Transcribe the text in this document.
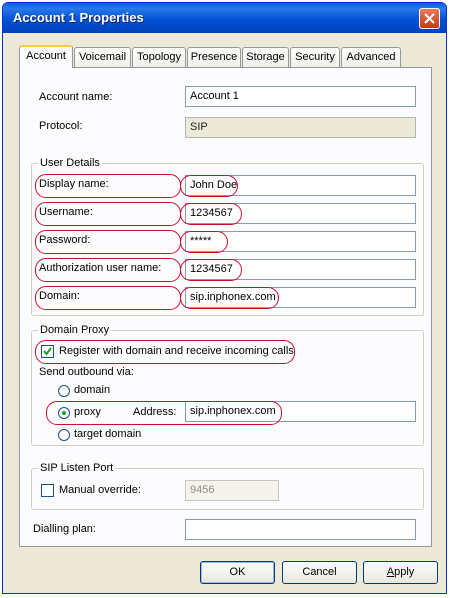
Account 1 Properties
Account	Voicemail Topology Presence Storage Security	Advanced
Account name:	Account 1
Protocol:	SIP
User Details
Display name:	John Doe
Username:	1234567
Password:	*****
Authorization user name:	1234567
Domain:	sip.inphonex.com
Domain Proxy
Register with domain and receive incoming calls
Send outbound via:
domain
proxy	Address:	sip.inphonex.com
target domain
SIP Listen Port
Manual override:	9456
Dialling plan:
OK	Cancel	Apply
